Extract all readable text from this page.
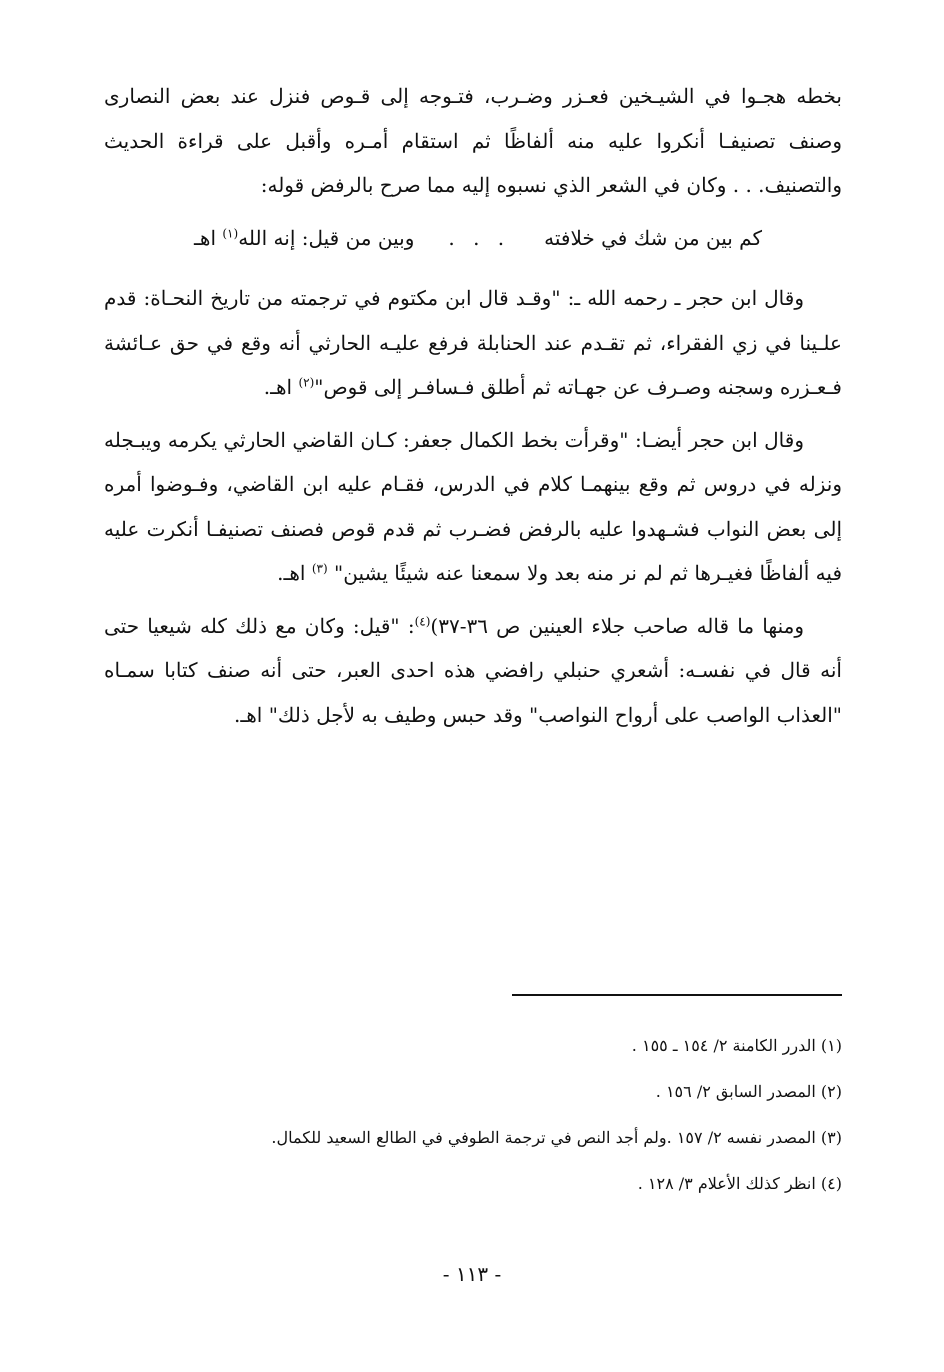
بخطه هجـوا في الشيـخين فعـزر وضـرب، فتـوجه إلى قـوص فنزل عند بعض النصارى وصنف تصنيفـا أنكروا عليه منه ألفاظًا ثم استقام أمـره وأقبل على قراءة الحديث والتصنيف. . . وكان في الشعر الذي نسبوه إليه مما صرح بالرفض قوله:

كم بين من شك في خلافته
. . .
وبين من قيل: إنه الله$^{(١)}$ اهـ

وقال ابن حجر ـ رحمه الله ـ: "وقـد قال ابن مكتوم في ترجمته من تاريخ النحـاة: قدم علـينا في زي الفقراء، ثم تقـدم عند الحنابلة فرفع عليـه الحارثي أنه وقع في حق عـائشة فـعـزره وسجنه وصـرف عن جهـاته ثم أطلق فـسافـر إلى قوص"$^{(٢)}$ اهـ.

وقال ابن حجر أيضـا: "وقرأت بخط الكمال جعفر: كـان القاضي الحارثي يكرمه ويبـجله ونزله في دروس ثم وقع بينهمـا كلام في الدرس، فقـام عليه ابن القاضي، وفـوضوا أمره إلى بعض النواب فشـهدوا عليه بالرفض فضـرب ثم قدم قوص فصنف تصنيفـا أنكرت عليه فيه ألفاظًا فغيـرها ثم لم نر منه بعد ولا سمعنا عنه شيئًا يشين" $^{(٣)}$ اهـ.

ومنها ما قاله صاحب جلاء العينين ص ٣٦-٣٧)$^{(٤)}$: "قيل: وكان مع ذلك كله شيعيا حتى أنه قال في نفسـه: أشعري حنبلي رافضي هذه احدى العبر، حتى أنه صنف كتابا سمـاه "العذاب الواصب على أرواح النواصب" وقد حبس وطيف به لأجل ذلك" اهـ.

(١) الدرر الكامنة ٢/ ١٥٤ ـ ١٥٥ .
(٢) المصدر السابق ٢/ ١٥٦ .
(٣) المصدر نفسه ٢/ ١٥٧ .ولم أجد النص في ترجمة الطوفي في الطالع السعيد للكمال.
(٤) انظر كذلك الأعلام ٣/ ١٢٨ .
- ١١٣ -
